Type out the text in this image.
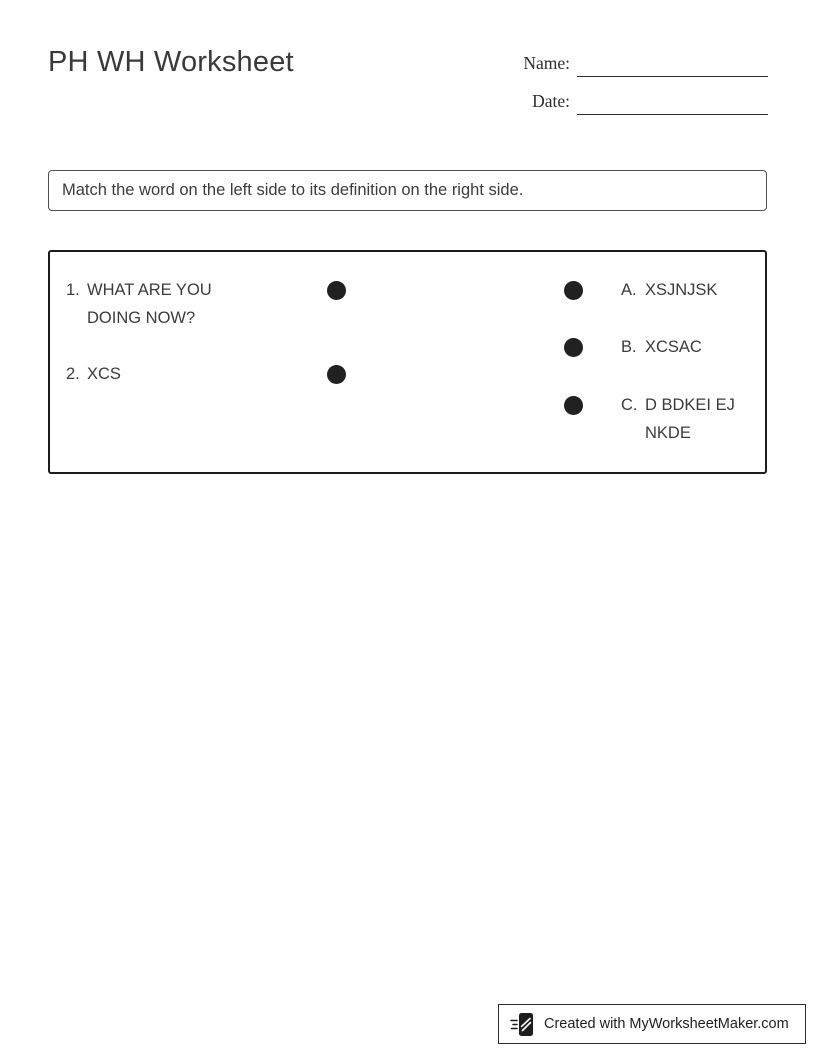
PH WH Worksheet	Name:
Date:
Match the word on the left side to its definition on the right side.
1. WHAT ARE YOU DOING NOW?
2. XCS
A. XSJNJSK
B. XCSAC
C. D BDKEI EJ NKDE
Created with MyWorksheetMaker.com
